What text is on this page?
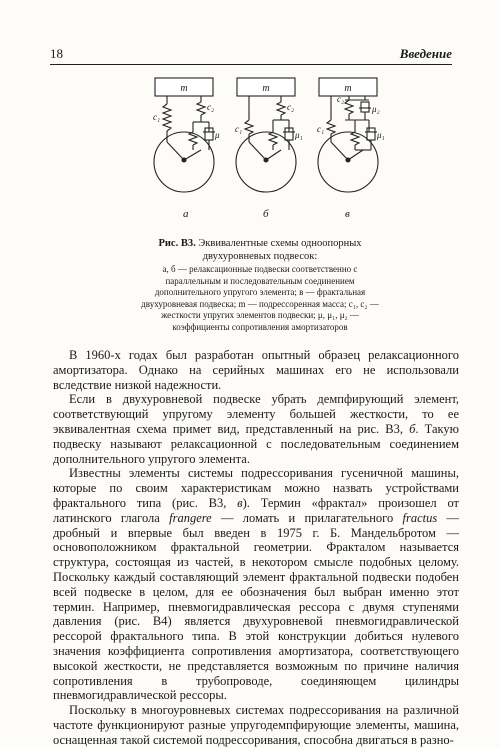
18	Введение
m
c₁
c₂
μ
m
c₁
c₂
μ₁
m
c₁
c₂
μ₂
μ₁
а	б	в
Рис. В3. Эквивалентные схемы одноопорных двухуровневых подвесок:
а, б — релаксационные подвески соответственно с параллельным и последовательным соединением дополнительного упругого элемента; в — фрактальная двухуровневая подвеска; m — подрессоренная масса; c₁, c₂ — жесткости упругих элементов подвески; μ, μ₁, μ₂ — коэффициенты сопротивления амортизаторов

В 1960-х годах был разработан опытный образец релаксационного амортизатора. Однако на серийных машинах его не использовали вследствие низкой надежности.

Если в двухуровневой подвеске убрать демпфирующий элемент, соответствующий упругому элементу большей жесткости, то ее эквивалентная схема примет вид, представленный на рис. В3, б. Такую подвеску называют релаксационной с последовательным соединением дополнительного упругого элемента.

Известны элементы системы подрессоривания гусеничной машины, которые по своим характеристикам можно назвать устройствами фрактального типа (рис. В3, в). Термин «фрактал» произошел от латинского глагола frangere — ломать и прилагательного fractus — дробный и впервые был введен в 1975 г. Б. Мандельбротом — основоположником фрактальной геометрии. Фракталом называется структура, состоящая из частей, в некотором смысле подобных целому. Поскольку каждый составляющий элемент фрактальной подвески подобен всей подвеске в целом, для ее обозначения был выбран именно этот термин. Например, пневмогидравлическая рессора с двумя ступенями давления (рис. В4) является двухуровневой пневмогидравлической рессорой фрактального типа. В этой конструкции добиться нулевого значения коэффициента сопротивления амортизатора, соответствующего высокой жесткости, не представляется возможным по причине наличия сопротивления в трубопроводе, соединяющем цилиндры пневмогидравлической рессоры.

Поскольку в многоуровневых системах подрессоривания на различной частоте функционируют разные упругодемпфирующие элементы, машина, оснащенная такой системой подрессоривания, способна двигаться в разно-
